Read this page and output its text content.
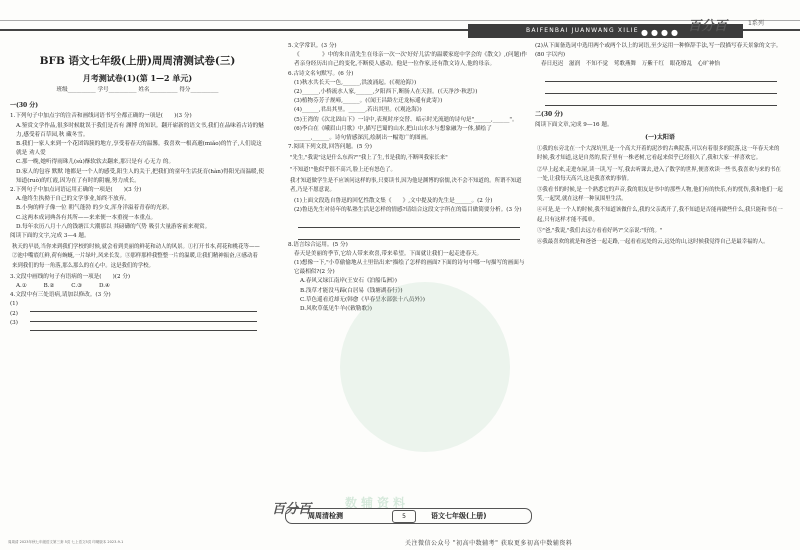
BAIFENBAI JUANWANG XILIE ●●●● 百分百	1系列
BFB 语文七年级(上册)周周清测试卷(三)
月考测试卷(1)(第 1—2 单元)
班级__________ 学号__________ 姓名__________ 得分__________
一(30 分)

1.下列句子中加点字的注音和画线词语书写全都正确的一项是(　　)(3 分)

A.鉴赏文学作品,很多时候耽误于我们是否有 渊博 的知识。翻开崭新的语文书,我们在品味着古诗的魅力,感受着百草园,秋 藏冬雪。

B.我们一家人来到一个花团锦簇的地方,享受着春天的温馨。我喜欢一根高邈(miǎo)的竹子,人们说这就是 劝人爱

C.那一晚,她听得雨珠儿(sù)酥软软去翻来,那只是有 心无力 的。

D.家人的包容 默默 地都是一个人的感受,阳生人的关于,把我们的童年生活抚育(hàn)得阳光而温暖,使知道(ruò)的红霞,因为在了有时的阴霾,努力成长。

2.下列句子中加点词语运用正确的一项是(　　)(3 分)

A.他终生执拗于自己的文学事业,始终不放弃。

B.小狗的样子像一位 朝气蓬勃 的少女,浑身洋溢着青春的光彩。

C.这两本成词典各有其所——来来便一本重视一本重点。

D.每年农历八月十八的钱塘江大潮那以 其磅礴的气势 吸引大量游客前来观赏。

阅读下面的文字,完成 3—4 题。

秋天的早晨,当你来到我们学校的时候,就会看到美丽的鲜花和动人的风景。①打开书本,荷花和桃花等——②池中嘴底红鲜,荷有蜿蜒,一片绿叶,风来长发。③那样那样我整整一片的温暖,让我们精神振奋,④感动着来到我们的每一角落,那么那么的在心中。这是我们的学校。

3.文段中画线的句子有语病的一项是(　　)(2 分)

A.①　　　B.②　　　C.③　　　D.④

4.文段中有三处语病,请加以修改。(3 分)

(1)
(2)
(3)

5.文学常识。(3 分)

《　　　　》中的朱自清先生在母亲一次一次'好好儿活'的温暖家庭中学会的《散文》,(问题)作者亲身经历出自己的变化,不断使人感动。他是一位作家,还有散文诗人,他的母亲。

6.古诗文名句默写。(6 分)

(1)秋水共长天一色,______,洪波涌起。(《观沧海》)

(2)______,小桥流水人家,______,夕阳西下,断肠人在天涯。(《天净沙·秋思》)

(3)植物芬芳子规啼,______。(《闻王昌龄左迁龙标遥有此寄》)

(4)______,君出其里。______,若出其里。(《观沧海》)

(5)王湾的《次北固山下》一诗中,表现时序交替、暗示时光流逝的诗句是"______,______"。

(6)李白在《峨眉山月歌》中,描写巴蜀的山水,把山山水水与想象融为一体,描绘了______,______。诗句情感深沉,绘制出一幅宽广的图画。

7.阅读下列文段,回答问题。(5 分)

"先生,"我说"这是什么东西?""我上了生,书是我的,不断叫我家长来"

"不知道!"他似乎很不高兴,脸上还有怒色了。

我才知道做学生是不应该问这样的事,只要读书,因为他是渊博的宿儒,决不会不知道的。所谓不知道者,乃是不愿意说。

(1)上面文段选自鲁迅的回忆性散文集《　　》,文中提及的先生是______。(2 分)

(2)鲁迅先生对待年的私塾生活是怎样的情感?请结合这段文字所在的篇目做简要分析。(3 分)

8.语言综合运用。(5 分)

春天是美丽的季节,它给人带来欢喜,带来希望。下面就让我们一起走进春天。

(1)想像一下,"小草偷偷地从土里钻出来"描绘了怎样的画面?下面的诗句中哪一句描写的画面与它最相似?(2 分)

A.春风又绿江南岸(王安石《泊船瓜洲》)

B.浅草才能没马蹄(白居易《钱塘湖春行》)

C.草色遥看近却无(韩愈《早春呈水部张十八员外》)

D.风吹草低见牛羊(《敕勒歌》)

(2)从下面备选词中选用两个或两个以上的词语,至少运用一种修辞手法,写一段描写春天景象的文字。(80 字以内)

春日迟迟　滋润　不知不觉　莺歌燕舞　万紫千红　眼花缭乱　心旷神怡

二(30 分)

阅读下面文章,完成 9—16 题。

(一)太阳语

①我的东旁北在一个大深坑里,是一个高大开着的泥沙的古典院落,可以有着很多的院落,这一年春天来的时候,我才知道,这是自然的,院子里有一株老树,它看起来似乎已经很久了,我和大家一样喜欢它。

②早上起来,走进东屋,读一读,写一写,我去听课去,进入了数学的世界,便喜欢读一些书,我喜欢与来的书在一处,让我每天高兴,这是我喜欢的事情。

③我看书的时候,是一个熟悉它的声音,我的朋友是书中的那些人物,他们有的快乐,有的忧伤,我和他们一起笑,一起哭,就在这样一种氛围里生活。

④可是,是一个人的时候,我不知道该做什么,我的父亲离开了,我不知道是否能再做些什么,我只能和书在一起,只有这样才能不孤单。

⑤"爸,"我说,"我们去远方看看好吗?"父亲说:"好的。"

⑥我最喜欢的就是和爸爸一起走路,一起看看远处的云,远处的山,这时候我觉得自己是最幸福的人。

数辅资料
百分百
周周清检测	5	语文七年级(上册)
周周清 2023年秋七年级语文第三套 5页 七上语文5页 印刷版本 2023-9-1	关注微信公众号 "初高中数辅考" 获取更多初高中数辅资料
